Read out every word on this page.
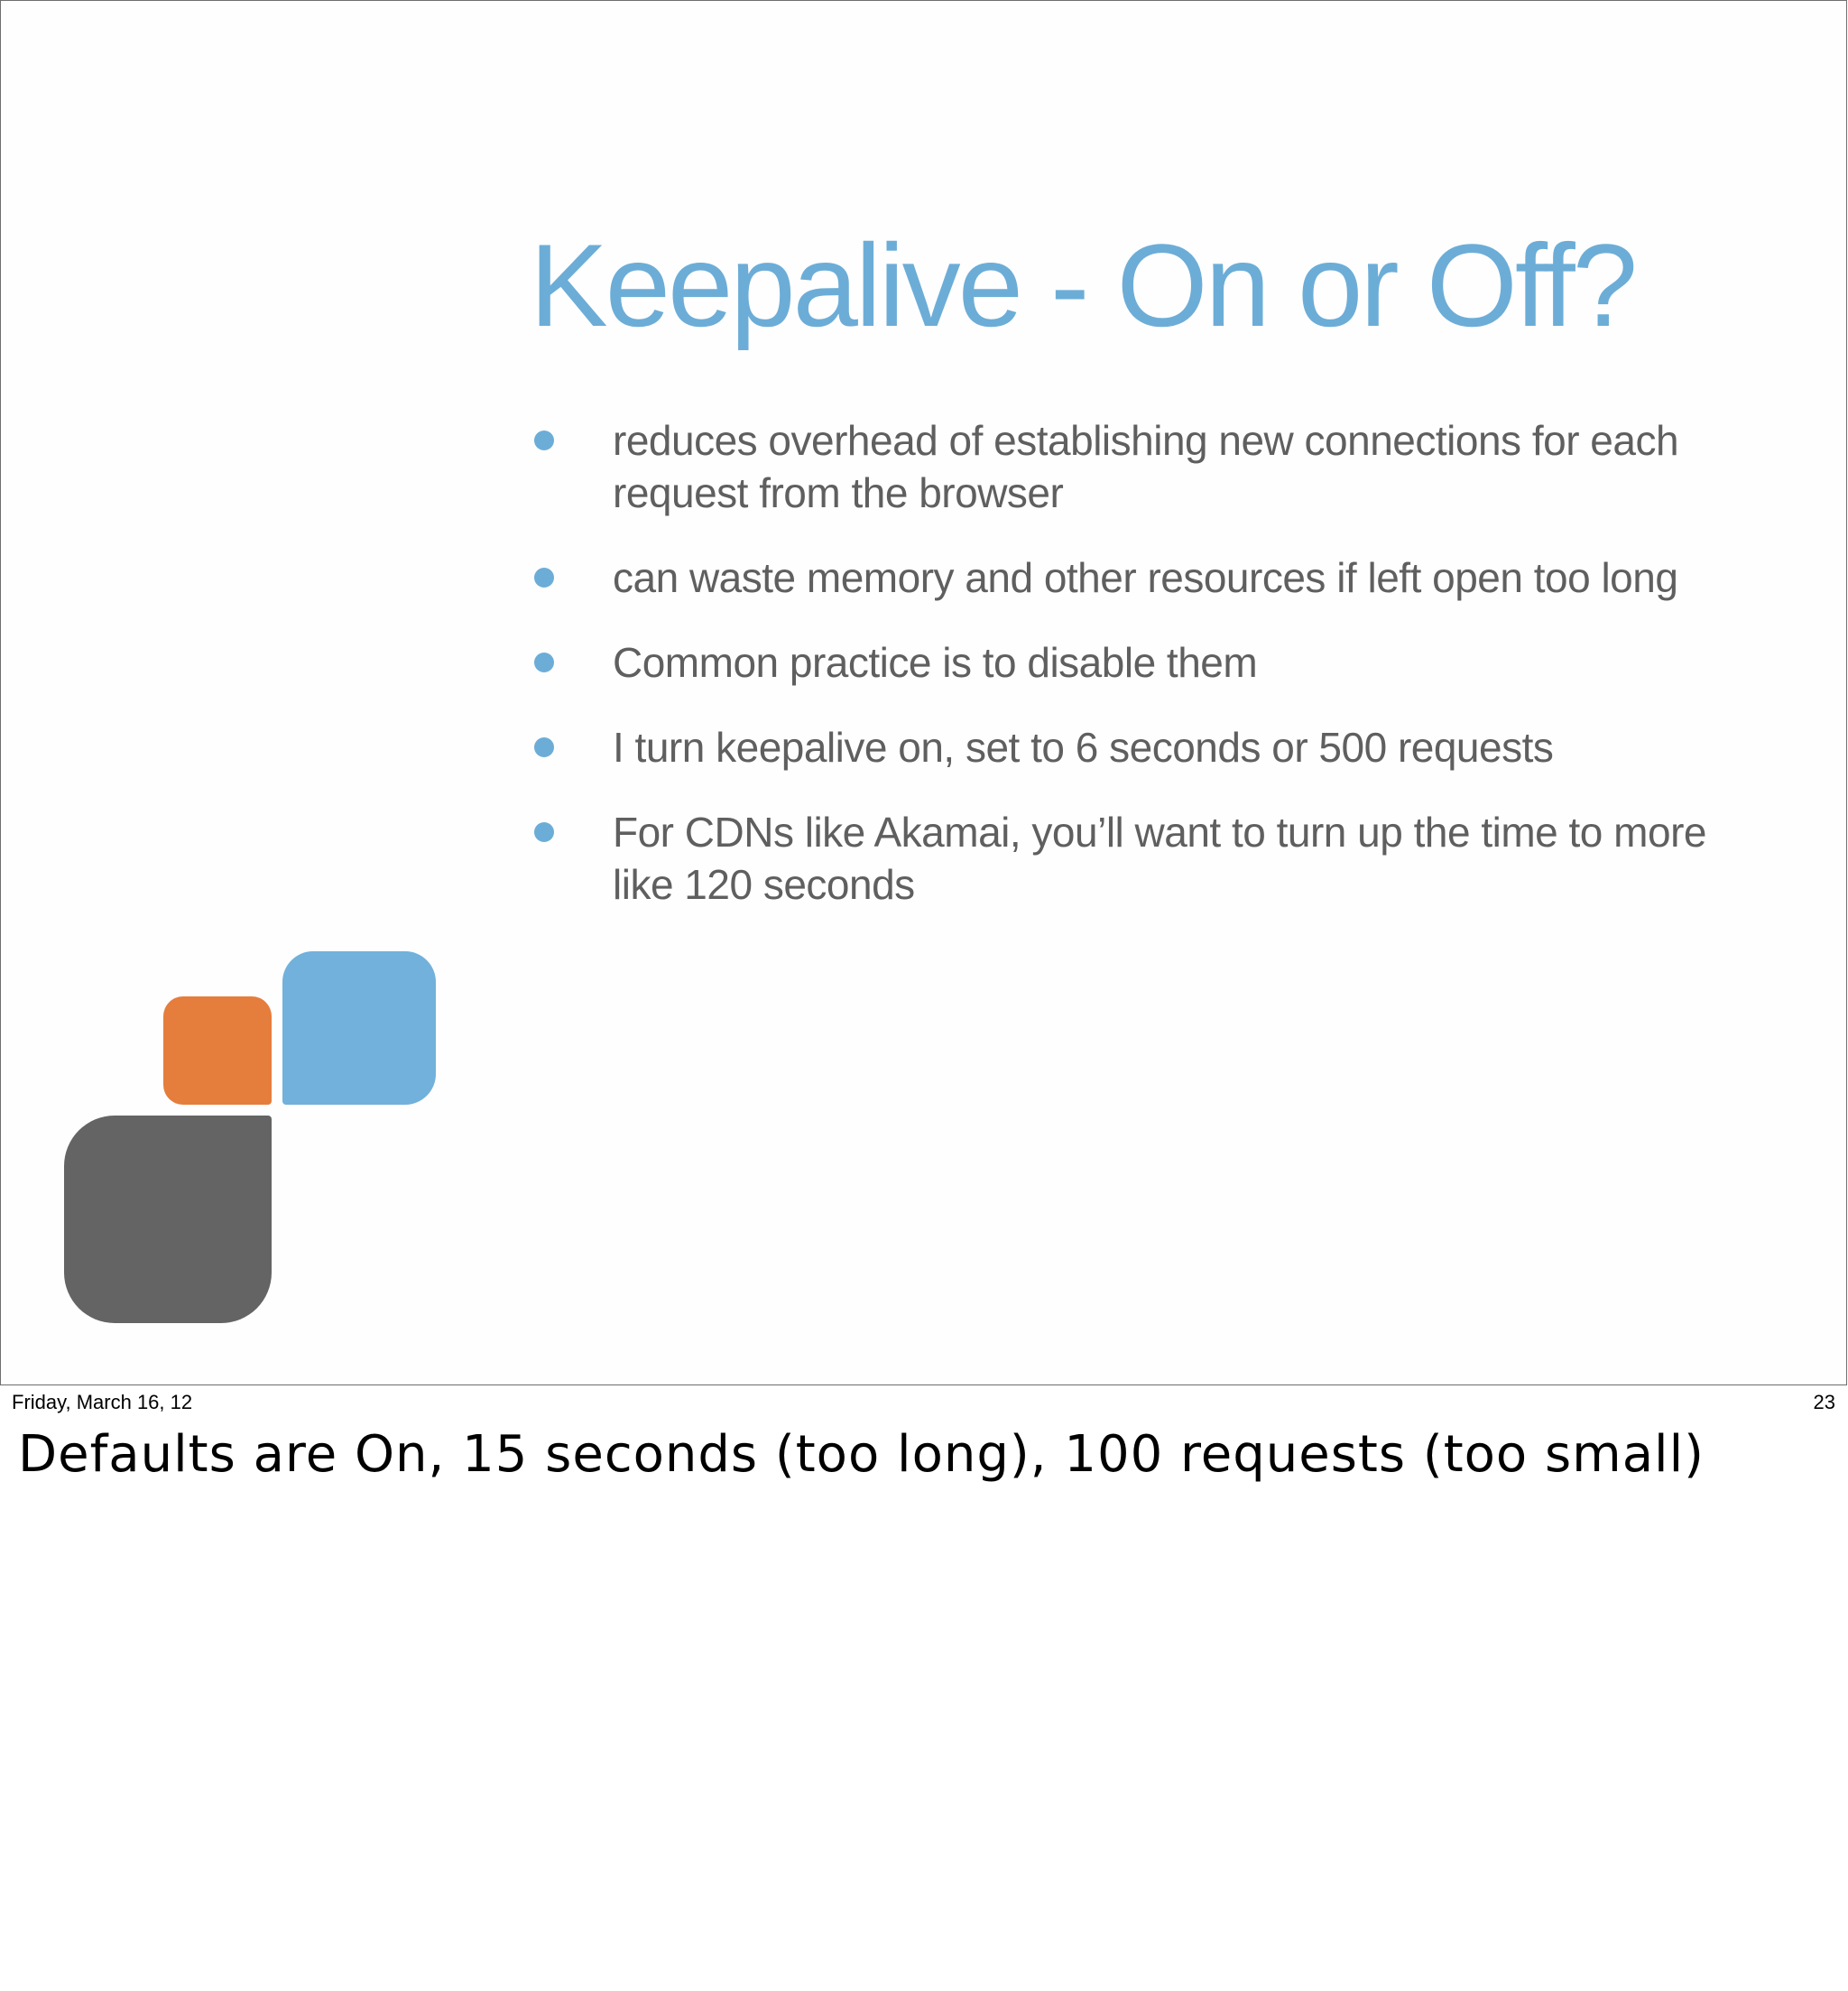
Keepalive - On or Off?
reduces overhead of establishing new connections for each request from the browser
can waste memory and other resources if left open too long
Common practice is to disable them
I turn keepalive on, set to 6 seconds or 500 requests
For CDNs like Akamai, you’ll want to turn up the time to more like 120 seconds
Friday, March 16, 12	23
Defaults are On, 15 seconds (too long), 100 requests (too small)
